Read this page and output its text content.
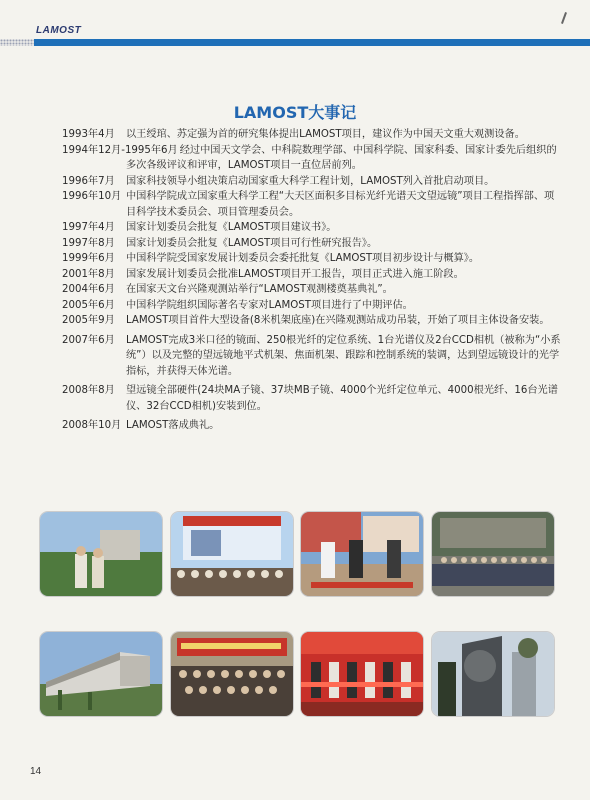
LAMOST
LAMOST大事记
1993年4月	以王绶琯、苏定强为首的研究集体提出LAMOST项目，建议作为中国天文重大观测设备。
1994年12月-1995年6月 经过中国天文学会、中科院数理学部、中国科学院、国家科委、国家计委先后组织的多次各级评议和评审，LAMOST项目一直位居前列。
1996年7月	国家科技领导小组决策启动国家重大科学工程计划，LAMOST列入首批启动项目。
1996年10月 中国科学院成立国家重大科学工程“大天区面积多目标光纤光谱天文望远镜”项目工程指挥部、项目科学技术委员会、项目管理委员会。
1997年4月	国家计划委员会批复《LAMOST项目建议书》。
1997年8月	国家计划委员会批复《LAMOST项目可行性研究报告》。
1999年6月	中国科学院受国家发展计划委员会委托批复《LAMOST项目初步设计与概算》。
2001年8月	国家发展计划委员会批准LAMOST项目开工报告，项目正式进入施工阶段。
2004年6月	在国家天文台兴隆观测站举行“LAMOST观测楼奠基典礼”。
2005年6月	中国科学院组织国际著名专家对LAMOST项目进行了中期评估。
2005年9月	LAMOST项目首件大型设备(8米机架底座)在兴隆观测站成功吊装，开始了项目主体设备安装。
2007年6月	LAMOST完成3米口径的镜面、250根光纤的定位系统、1台光谱仪及2台CCD相机（被称为“小系统”）以及完整的望远镜地平式机架、焦面机架、跟踪和控制系统的装调，达到望远镜设计的光学指标，并获得天体光谱。
2008年8月	望远镜全部硬件(24块MA子镜、37块MB子镜、4000个光纤定位单元、4000根光纤、16台光谱仪、32台CCD相机)安装到位。
2008年10月 LAMOST落成典礼。
14
